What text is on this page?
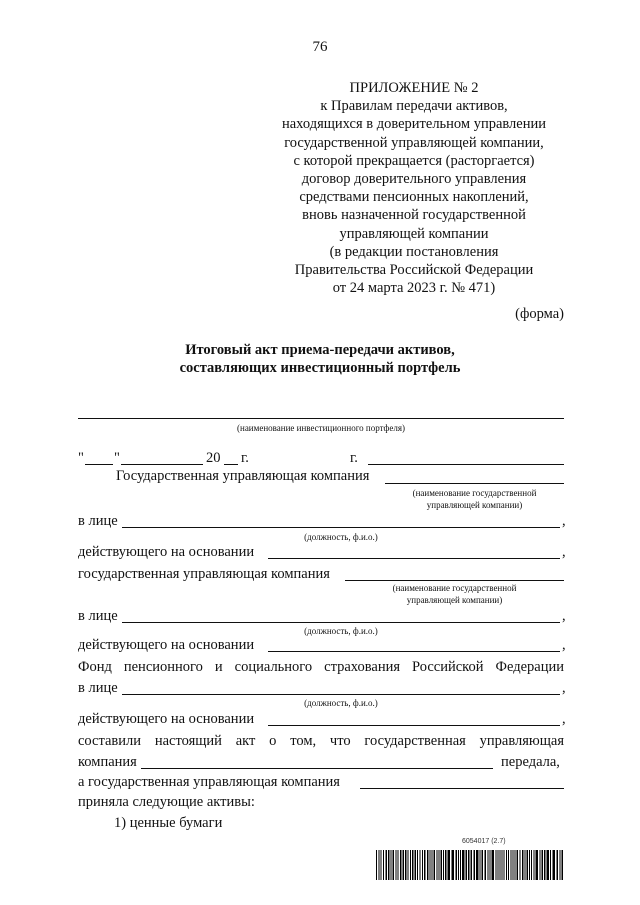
76
ПРИЛОЖЕНИЕ № 2
к Правилам передачи активов,
находящихся в доверительном управлении
государственной управляющей компании,
с которой прекращается (расторгается)
договор доверительного управления
средствами пенсионных накоплений,
вновь назначенной государственной
управляющей компании
(в редакции постановления
Правительства Российской Федерации
от 24 марта 2023 г. № 471)
(форма)
Итоговый акт приема-передачи активов,
составляющих инвестиционный портфель
(наименование инвестиционного портфеля)
" "	20 г.	г.
Государственная управляющая компания
(наименование государственной
управляющей компании)
в лице	,
(должность, ф.и.о.)
действующего на основании	,
государственная управляющая компания
(наименование государственной
управляющей компании)
в лице	,
(должность, ф.и.о.)
действующего на основании	,
Фонд пенсионного и социального страхования Российской Федерации
в лице	,
(должность, ф.и.о.)
действующего на основании	,
составили настоящий акт о том, что государственная управляющая
компания	передала,
а государственная управляющая компания
приняла следующие активы:
1) ценные бумаги
6054017 (2.7)
